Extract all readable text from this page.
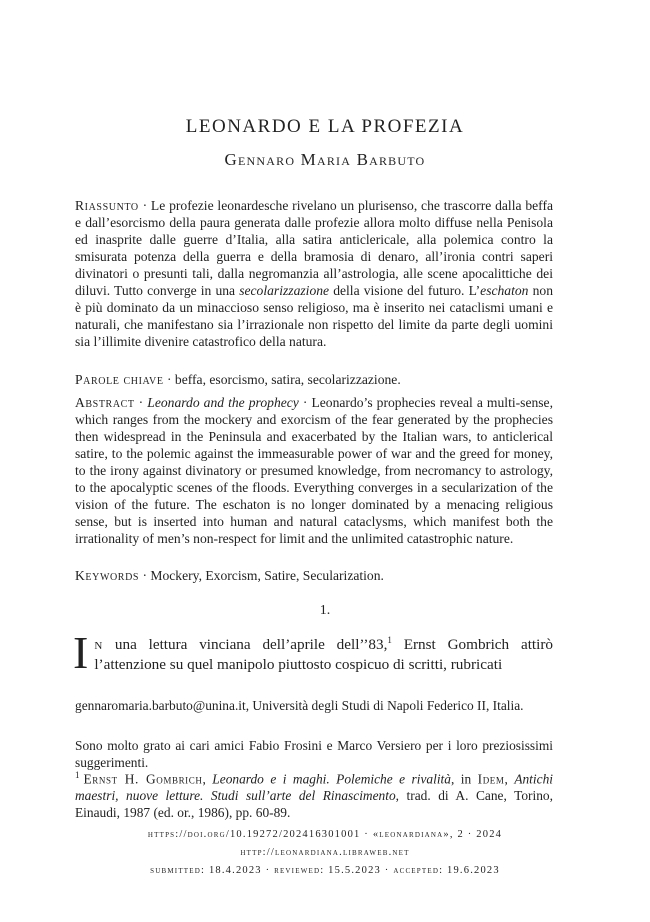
LEONARDO E LA PROFEZIA
Gennaro Maria Barbuto
Riassunto · Le profezie leonardesche rivelano un plurisenso, che trascorre dalla beffa e dall’esorcismo della paura generata dalle profezie allora molto diffuse nella Penisola ed inasprite dalle guerre d’Italia, alla satira anticlericale, alla polemica contro la smisurata potenza della guerra e della bramosia di denaro, all’ironia contri saperi divinatori o presunti tali, dalla negromanzia all’astrologia, alle scene apocalittiche dei diluvi. Tutto converge in una secolarizzazione della visione del futuro. L’eschaton non è più dominato da un minaccioso senso religioso, ma è inserito nei cataclismi umani e naturali, che manifestano sia l’irrazionale non rispetto del limite da parte degli uomini sia l’illimite divenire catastrofico della natura.
Parole chiave · beffa, esorcismo, satira, secolarizzazione.
Abstract · Leonardo and the prophecy · Leonardo’s prophecies reveal a multi-sense, which ranges from the mockery and exorcism of the fear generated by the prophecies then widespread in the Peninsula and exacerbated by the Italian wars, to anticlerical satire, to the polemic against the immeasurable power of war and the greed for money, to the irony against divinatory or presumed knowledge, from necromancy to astrology, to the apocalyptic scenes of the floods. Everything converges in a secularization of the vision of the future. The eschaton is no longer dominated by a menacing religious sense, but is inserted into human and natural cataclysms, which manifest both the irrationality of men’s non-respect for limit and the unlimited catastrophic nature.
Keywords · Mockery, Exorcism, Satire, Secularization.
1.
In una lettura vinciana dell’aprile dell’’83,$^1$ Ernst Gombrich attirò l’attenzione su quel manipolo piuttosto cospicuo di scritti, rubricati
gennaromaria.barbuto@unina.it, Università degli Studi di Napoli Federico II, Italia.
Sono molto grato ai cari amici Fabio Frosini e Marco Versiero per i loro preziosissimi suggerimenti.
$^1$ Ernst H. Gombrich, Leonardo e i maghi. Polemiche e rivalità, in Idem, Antichi maestri, nuove letture. Studi sull’arte del Rinascimento, trad. di A. Cane, Torino, Einaudi, 1987 (ed. or., 1986), pp. 60-89.
https://doi.org/10.19272/202416301001 · «leonardiana», 2 · 2024
http://leonardiana.libraweb.net
submitted: 18.4.2023 · reviewed: 15.5.2023 · accepted: 19.6.2023
